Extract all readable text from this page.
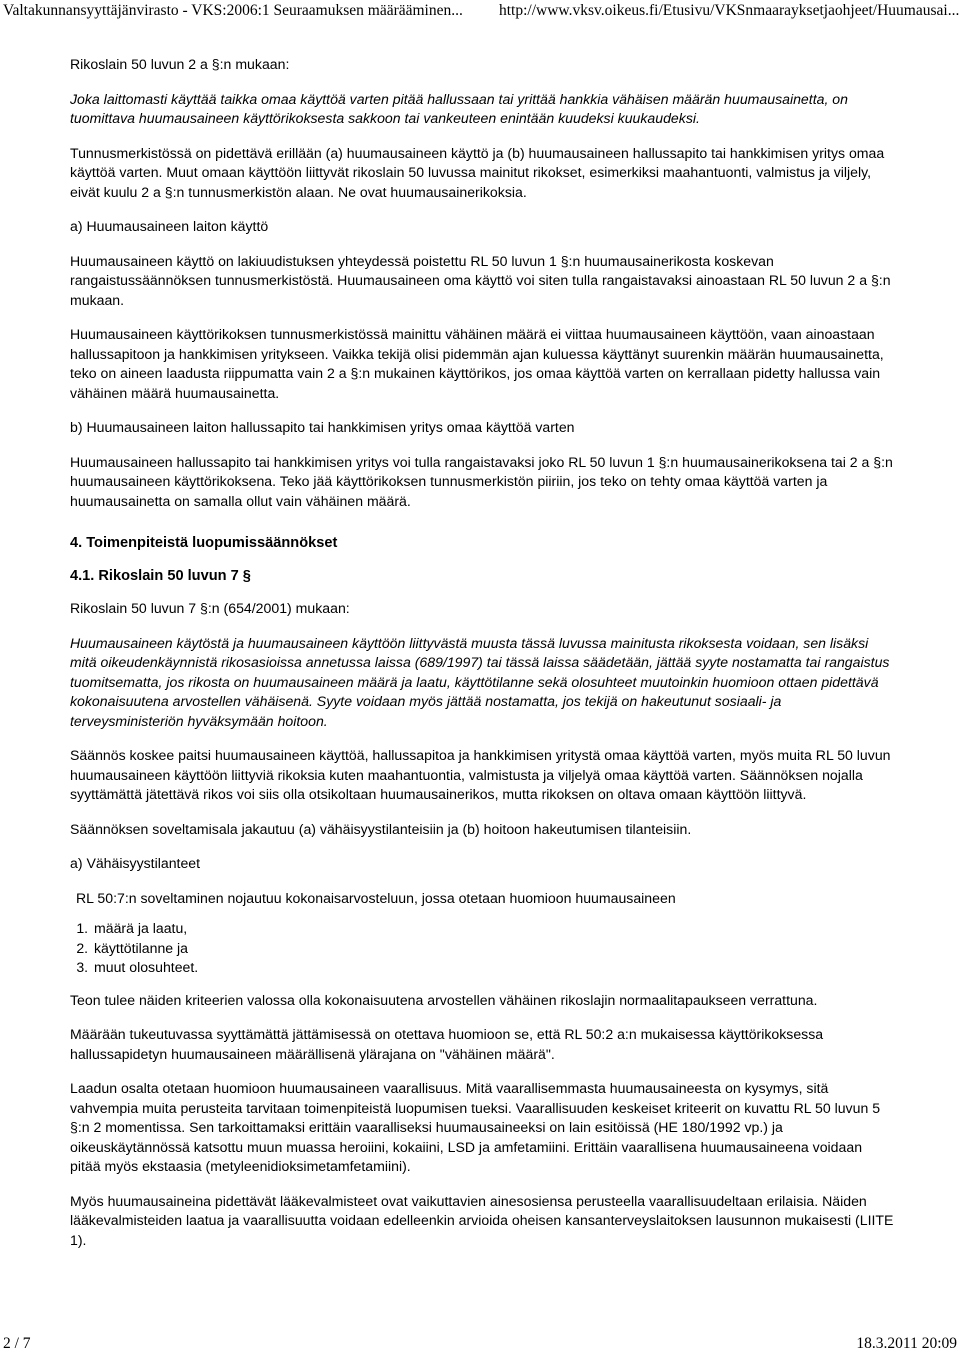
Valtakunnansyyttäjänvirasto - VKS:2006:1 Seuraamuksen määrääminen... http://www.vksv.oikeus.fi/Etusivu/VKSnmaarayksetjaohjeet/Huumausai...

Rikoslain 50 luvun 2 a §:n mukaan:

Joka laittomasti käyttää taikka omaa käyttöä varten pitää hallussaan tai yrittää hankkia vähäisen määrän huumausainetta, on tuomittava huumausaineen käyttörikoksesta sakkoon tai vankeuteen enintään kuudeksi kuukaudeksi.

Tunnusmerkistössä on pidettävä erillään (a) huumausaineen käyttö ja (b) huumausaineen hallussapito tai hankkimisen yritys omaa käyttöä varten. Muut omaan käyttöön liittyvät rikoslain 50 luvussa mainitut rikokset, esimerkiksi maahantuonti, valmistus ja viljely, eivät kuulu 2 a §:n tunnusmerkistön alaan. Ne ovat huumausainerikoksia.

a) Huumausaineen laiton käyttö

Huumausaineen käyttö on lakiuudistuksen yhteydessä poistettu RL 50 luvun 1 §:n huumausainerikosta koskevan rangaistussäännöksen tunnusmerkistöstä. Huumausaineen oma käyttö voi siten tulla rangaistavaksi ainoastaan RL 50 luvun 2 a §:n mukaan.

Huumausaineen käyttörikoksen tunnusmerkistössä mainittu vähäinen määrä ei viittaa huumausaineen käyttöön, vaan ainoastaan hallussapitoon ja hankkimisen yritykseen. Vaikka tekijä olisi pidemmän ajan kuluessa käyttänyt suurenkin määrän huumausainetta, teko on aineen laadusta riippumatta vain 2 a §:n mukainen käyttörikos, jos omaa käyttöä varten on kerrallaan pidetty hallussa vain vähäinen määrä huumausainetta.

b) Huumausaineen laiton hallussapito tai hankkimisen yritys omaa käyttöä varten

Huumausaineen hallussapito tai hankkimisen yritys voi tulla rangaistavaksi joko RL 50 luvun 1 §:n huumausainerikoksena tai 2 a §:n huumausaineen käyttörikoksena. Teko jää käyttörikoksen tunnusmerkistön piiriin, jos teko on tehty omaa käyttöä varten ja huumausainetta on samalla ollut vain vähäinen määrä.

4. Toimenpiteistä luopumissäännökset
4.1. Rikoslain 50 luvun 7 §

Rikoslain 50 luvun 7 §:n (654/2001) mukaan:

Huumausaineen käytöstä ja huumausaineen käyttöön liittyvästä muusta tässä luvussa mainitusta rikoksesta voidaan, sen lisäksi mitä oikeudenkäynnistä rikosasioissa annetussa laissa (689/1997) tai tässä laissa säädetään, jättää syyte nostamatta tai rangaistus tuomitsematta, jos rikosta on huumausaineen määrä ja laatu, käyttötilanne sekä olosuhteet muutoinkin huomioon ottaen pidettävä kokonaisuutena arvostellen vähäisenä. Syyte voidaan myös jättää nostamatta, jos tekijä on hakeutunut sosiaali- ja terveysministeriön hyväksymään hoitoon.

Säännös koskee paitsi huumausaineen käyttöä, hallussapitoa ja hankkimisen yritystä omaa käyttöä varten, myös muita RL 50 luvun huumausaineen käyttöön liittyviä rikoksia kuten maahantuontia, valmistusta ja viljelyä omaa käyttöä varten. Säännöksen nojalla syyttämättä jätettävä rikos voi siis olla otsikoltaan huumausainerikos, mutta rikoksen on oltava omaan käyttöön liittyvä.

Säännöksen soveltamisala jakautuu (a) vähäisyystilanteisiin ja (b) hoitoon hakeutumisen tilanteisiin.

a) Vähäisyystilanteet

RL 50:7:n soveltaminen nojautuu kokonaisarvosteluun, jossa otetaan huomioon huumausaineen

1. määrä ja laatu,
2. käyttötilanne ja
3. muut olosuhteet.

Teon tulee näiden kriteerien valossa olla kokonaisuutena arvostellen vähäinen rikoslajin normaalitapaukseen verrattuna.

Määrään tukeutuvassa syyttämättä jättämisessä on otettava huomioon se, että RL 50:2 a:n mukaisessa käyttörikoksessa hallussapidetyn huumausaineen määrällisenä ylärajana on "vähäinen määrä".

Laadun osalta otetaan huomioon huumausaineen vaarallisuus. Mitä vaarallisemmasta huumausaineesta on kysymys, sitä vahvempia muita perusteita tarvitaan toimenpiteistä luopumisen tueksi. Vaarallisuuden keskeiset kriteerit on kuvattu RL 50 luvun 5 §:n 2 momentissa. Sen tarkoittamaksi erittäin vaaralliseksi huumausaineeksi on lain esitöissä (HE 180/1992 vp.) ja oikeuskäytännössä katsottu muun muassa heroiini, kokaiini, LSD ja amfetamiini. Erittäin vaarallisena huumausaineena voidaan pitää myös ekstaasia (metyleenidioksimetamfetamiini).

Myös huumausaineina pidettävät lääkevalmisteet ovat vaikuttavien ainesosiensa perusteella vaarallisuudeltaan erilaisia. Näiden lääkevalmisteiden laatua ja vaarallisuutta voidaan edelleenkin arvioida oheisen kansanterveyslaitoksen lausunnon mukaisesti (LIITE 1).

2 / 7	18.3.2011 20:09
